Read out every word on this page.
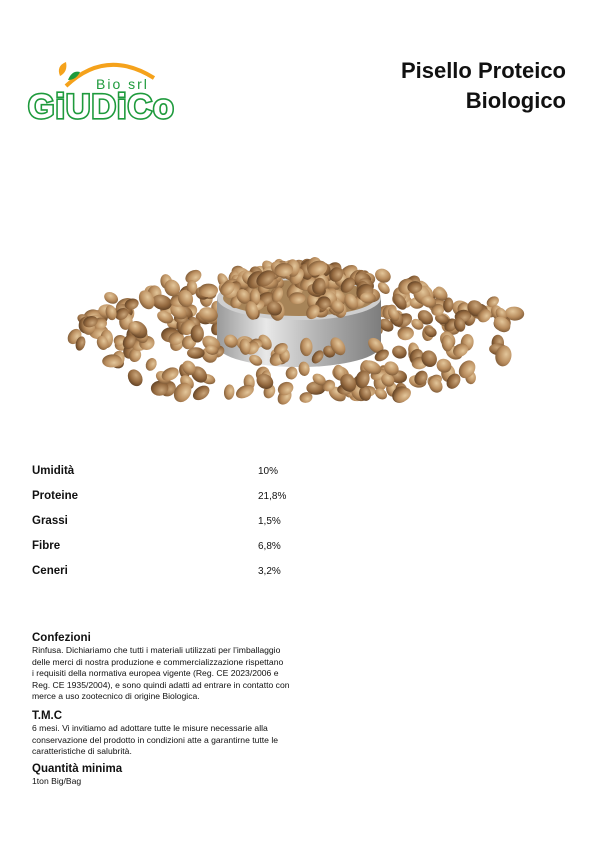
Bio srl
GiUDiCo
Pisello Proteico
Biologico
Umidità	10%
Proteine	21,8%
Grassi	1,5%
Fibre	6,8%
Ceneri	3,2%
Confezioni
Rinfusa. Dichiariamo che tutti i materiali utilizzati per l’imballaggio
delle merci di nostra produzione e commercializzazione rispettano
i requisiti della normativa europea vigente (Reg. CE 2023/2006 e
Reg. CE 1935/2004), e sono quindi adatti ad entrare in contatto con
merce a uso zootecnico di origine Biologica.
T.M.C
6 mesi. Vi invitiamo ad adottare tutte le misure necessarie alla
conservazione del prodotto in condizioni atte a garantirne tutte le
caratteristiche di salubrità.
Quantità minima
1ton Big/Bag
